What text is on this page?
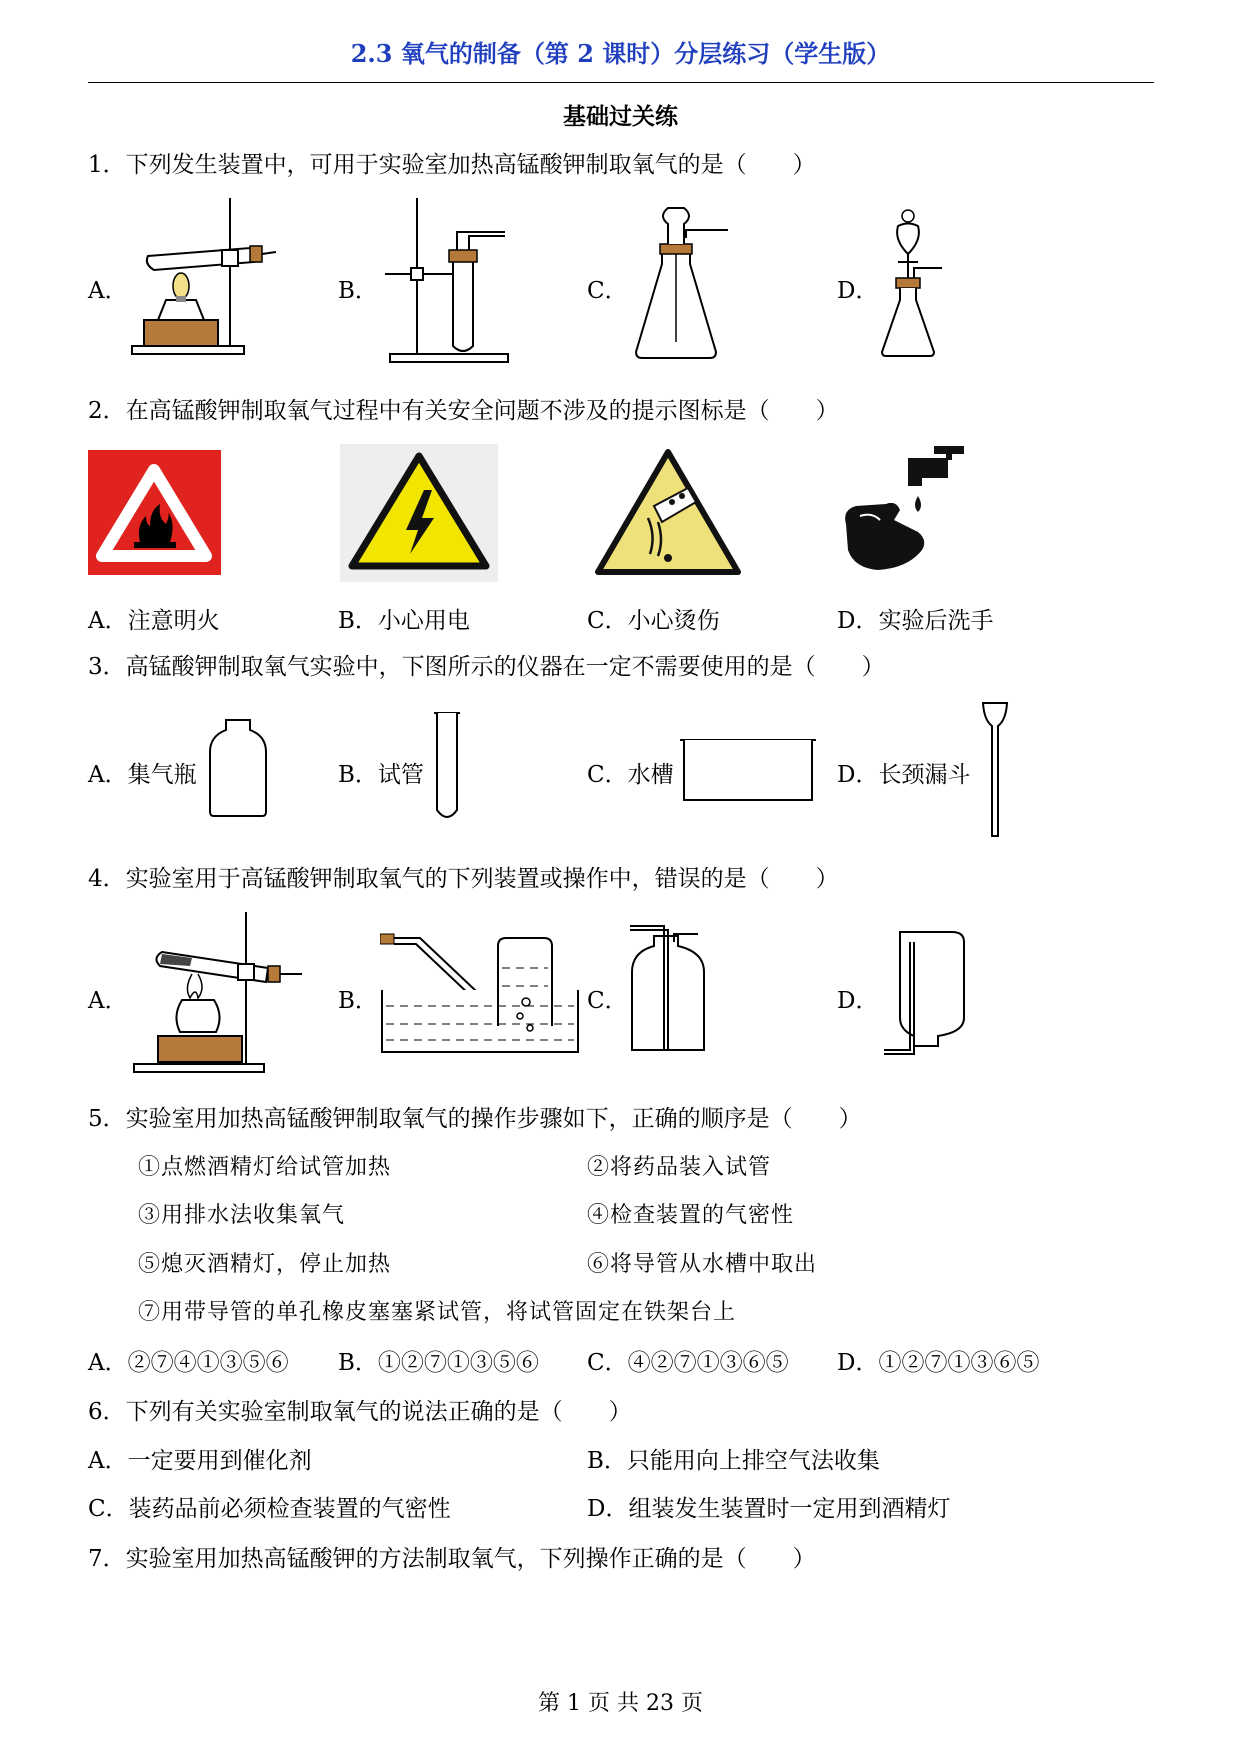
2.3 氧气的制备（第 2 课时）分层练习（学生版）
基础过关练
1．下列发生装置中，可用于实验室加热高锰酸钾制取氧气的是（　　）
A．	B．	C．	D．
2．在高锰酸钾制取氧气过程中有关安全问题不涉及的提示图标是（　　）
A．注意明火	B．小心用电	C．小心烫伤	D．实验后洗手
3．高锰酸钾制取氧气实验中，下图所示的仪器在一定不需要使用的是（　　）
A．集气瓶	B．试管	C．水槽	D．长颈漏斗
4．实验室用于高锰酸钾制取氧气的下列装置或操作中，错误的是（　　）
A．	B．	C．	D．
5．实验室用加热高锰酸钾制取氧气的操作步骤如下，正确的顺序是（　　）
①点燃酒精灯给试管加热	②将药品装入试管
③用排水法收集氧气	④检查装置的气密性
⑤熄灭酒精灯，停止加热	⑥将导管从水槽中取出
⑦用带导管的单孔橡皮塞塞紧试管，将试管固定在铁架台上
A．②⑦④①③⑤⑥ B．①②⑦①③⑤⑥ C．④②⑦①③⑥⑤ D．①②⑦①③⑥⑤
6．下列有关实验室制取氧气的说法正确的是（　　）
A．一定要用到催化剂	B．只能用向上排空气法收集
C．装药品前必须检查装置的气密性	D．组装发生装置时一定用到酒精灯
7．实验室用加热高锰酸钾的方法制取氧气，下列操作正确的是（　　）
第 1 页 共 23 页
